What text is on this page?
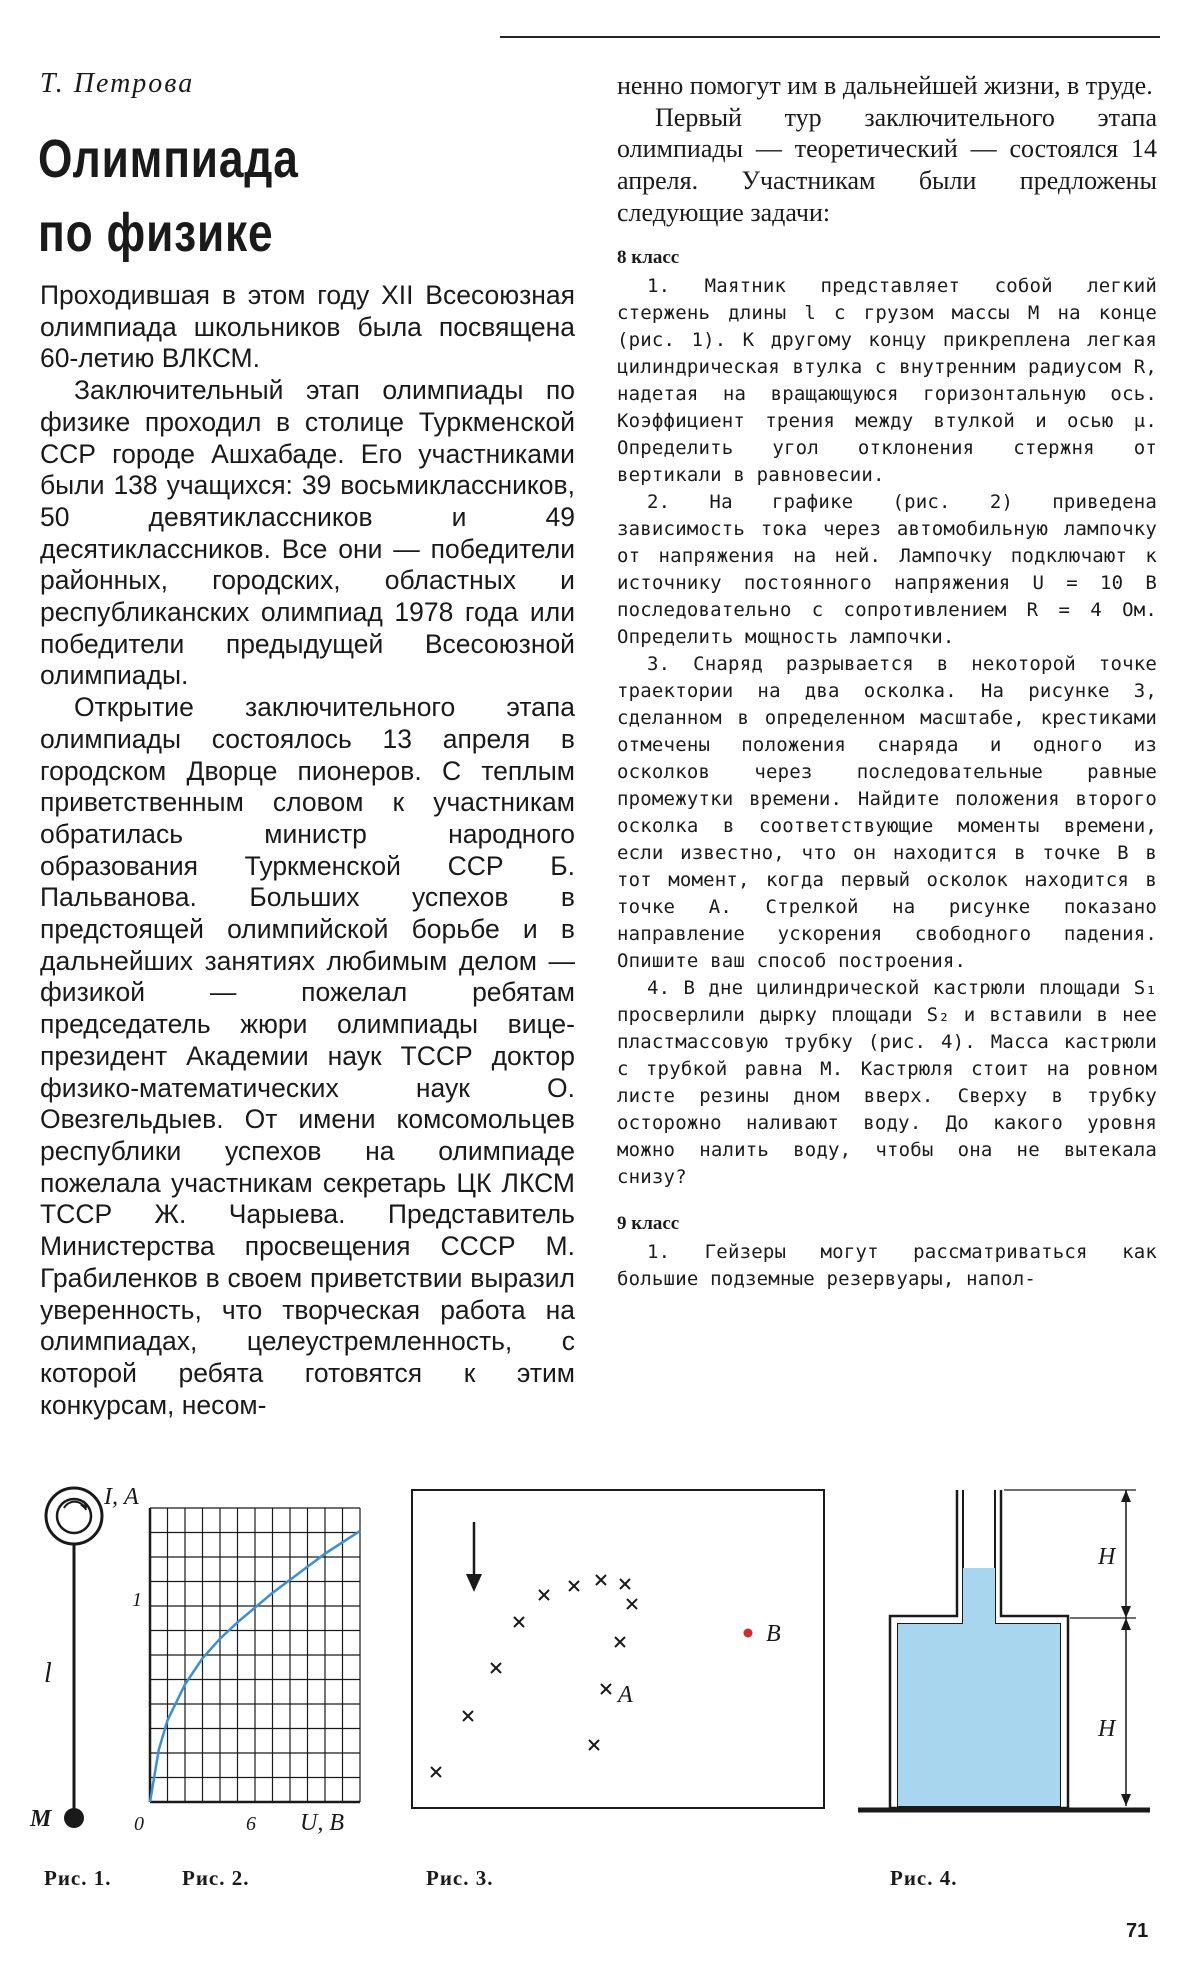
Т. Петрова
Олимпиада
по физике

Проходившая в этом году XII Всесоюзная олимпиада школьников была посвящена 60-летию ВЛКСМ.

Заключительный этап олимпиады по физике проходил в столице Туркменской ССР городе Ашхабаде. Его участниками были 138 учащихся: 39 восьмиклассников, 50 девятиклассников и 49 десятиклассников. Все они — победители районных, городских, областных и республиканских олимпиад 1978 года или победители предыдущей Всесоюзной олимпиады.

Открытие заключительного этапа олимпиады состоялось 13 апреля в городском Дворце пионеров. С теплым приветственным словом к участникам обратилась министр народного образования Туркменской ССР Б. Пальванова. Больших успехов в предстоящей олимпийской борьбе и в дальнейших занятиях любимым делом — физикой — пожелал ребятам председатель жюри олимпиады вице-президент Академии наук ТССР доктор физико-математических наук О. Овезгельдыев. От имени комсомольцев республики успехов на олимпиаде пожелала участникам секретарь ЦК ЛКСМ ТССР Ж. Чарыева. Представитель Министерства просвещения СССР М. Грабиленков в своем приветствии выразил уверенность, что творческая работа на олимпиадах, целеустремленность, с которой ребята готовятся к этим конкурсам, несом-

ненно помогут им в дальнейшей жизни, в труде.

Первый тур заключительного этапа олимпиады — теоретический — состоялся 14 апреля. Участникам были предложены следующие задачи:

8 класс

1. Маятник представляет собой легкий стержень длины l с грузом массы M на конце (рис. 1). К другому концу прикреплена легкая цилиндрическая втулка с внутренним радиусом R, надетая на вращающуюся горизонтальную ось. Коэффициент трения между втулкой и осью μ. Определить угол отклонения стержня от вертикали в равновесии.

2. На графике (рис. 2) приведена зависимость тока через автомобильную лампочку от напряжения на ней. Лампочку подключают к источнику постоянного напряжения U = 10 В последовательно с сопротивлением R = 4 Ом. Определить мощность лампочки.

3. Снаряд разрывается в некоторой точке траектории на два осколка. На рисунке 3, сделанном в определенном масштабе, крестиками отмечены положения снаряда и одного из осколков через последовательные равные промежутки времени. Найдите положения второго осколка в соответствующие моменты времени, если известно, что он находится в точке B в тот момент, когда первый осколок находится в точке A. Стрелкой на рисунке показано направление ускорения свободного падения. Опишите ваш способ построения.

4. В дне цилиндрической кастрюли площади S₁ просверлили дырку площади S₂ и вставили в нее пластмассовую трубку (рис. 4). Масса кастрюли с трубкой равна M. Кастрюля стоит на ровном листе резины дном вверх. Сверху в трубку осторожно наливают воду. До какого уровня можно налить воду, чтобы она не вытекала снизу?

9 класс

1. Гейзеры могут рассматриваться как большие подземные резервуары, напол-

l
M
I, А
U, В
0	6
1
B
A
H
H
Рис. 1.	Рис. 2.	Рис. 3.	Рис. 4.
71
